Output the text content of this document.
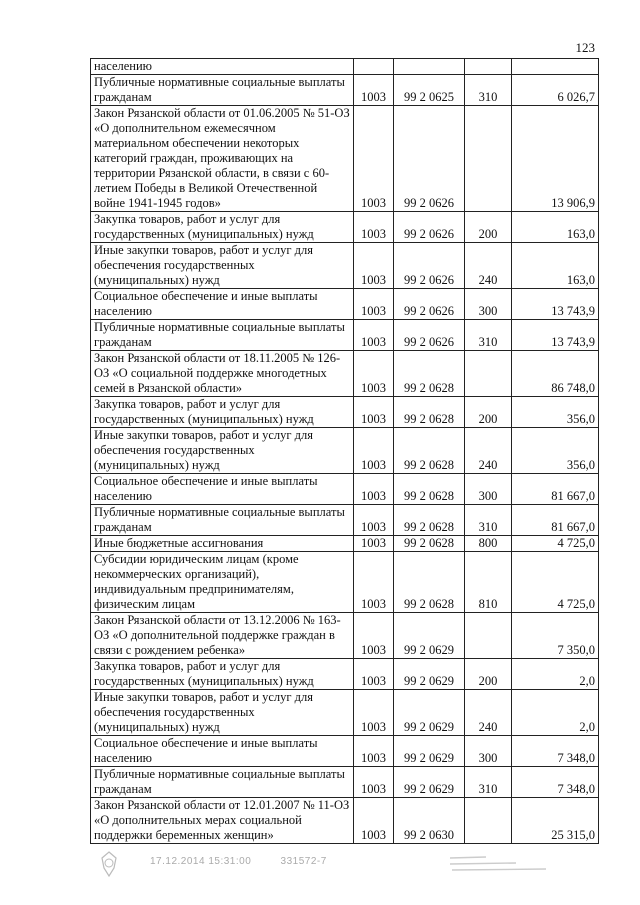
123
населению				
Публичные нормативные социальные выплаты гражданам	1003	99 2 0625	310	6 026,7
Закон Рязанской области от 01.06.2005 № 51-ОЗ «О дополнительном ежемесячном материальном обеспечении некоторых категорий граждан, проживающих на территории Рязанской области, в связи с 60-летием Победы в Великой Отечественной войне 1941-1945 годов»	1003	99 2 0626		13 906,9
Закупка товаров, работ и услуг для государственных (муниципальных) нужд	1003	99 2 0626	200	163,0
Иные закупки товаров, работ и услуг для обеспечения государственных (муниципальных) нужд	1003	99 2 0626	240	163,0
Социальное обеспечение и иные выплаты населению	1003	99 2 0626	300	13 743,9
Публичные нормативные социальные выплаты гражданам	1003	99 2 0626	310	13 743,9
Закон Рязанской области от 18.11.2005 № 126-ОЗ «О социальной поддержке многодетных семей в Рязанской области»	1003	99 2 0628		86 748,0
Закупка товаров, работ и услуг для государственных (муниципальных) нужд	1003	99 2 0628	200	356,0
Иные закупки товаров, работ и услуг для обеспечения государственных (муниципальных) нужд	1003	99 2 0628	240	356,0
Социальное обеспечение и иные выплаты населению	1003	99 2 0628	300	81 667,0
Публичные нормативные социальные выплаты гражданам	1003	99 2 0628	310	81 667,0
Иные бюджетные ассигнования	1003	99 2 0628	800	4 725,0
Субсидии юридическим лицам (кроме некоммерческих организаций), индивидуальным предпринимателям, физическим лицам	1003	99 2 0628	810	4 725,0
Закон Рязанской области от 13.12.2006 № 163-ОЗ «О дополнительной поддержке граждан в связи с рождением ребенка»	1003	99 2 0629		7 350,0
Закупка товаров, работ и услуг для государственных (муниципальных) нужд	1003	99 2 0629	200	2,0
Иные закупки товаров, работ и услуг для обеспечения государственных (муниципальных) нужд	1003	99 2 0629	240	2,0
Социальное обеспечение и иные выплаты населению	1003	99 2 0629	300	7 348,0
Публичные нормативные социальные выплаты гражданам	1003	99 2 0629	310	7 348,0
Закон Рязанской области от 12.01.2007 № 11-ОЗ «О дополнительных мерах социальной поддержки беременных женщин»	1003	99 2 0630		25 315,0
17.12.2014 15:31:00	331572-7
